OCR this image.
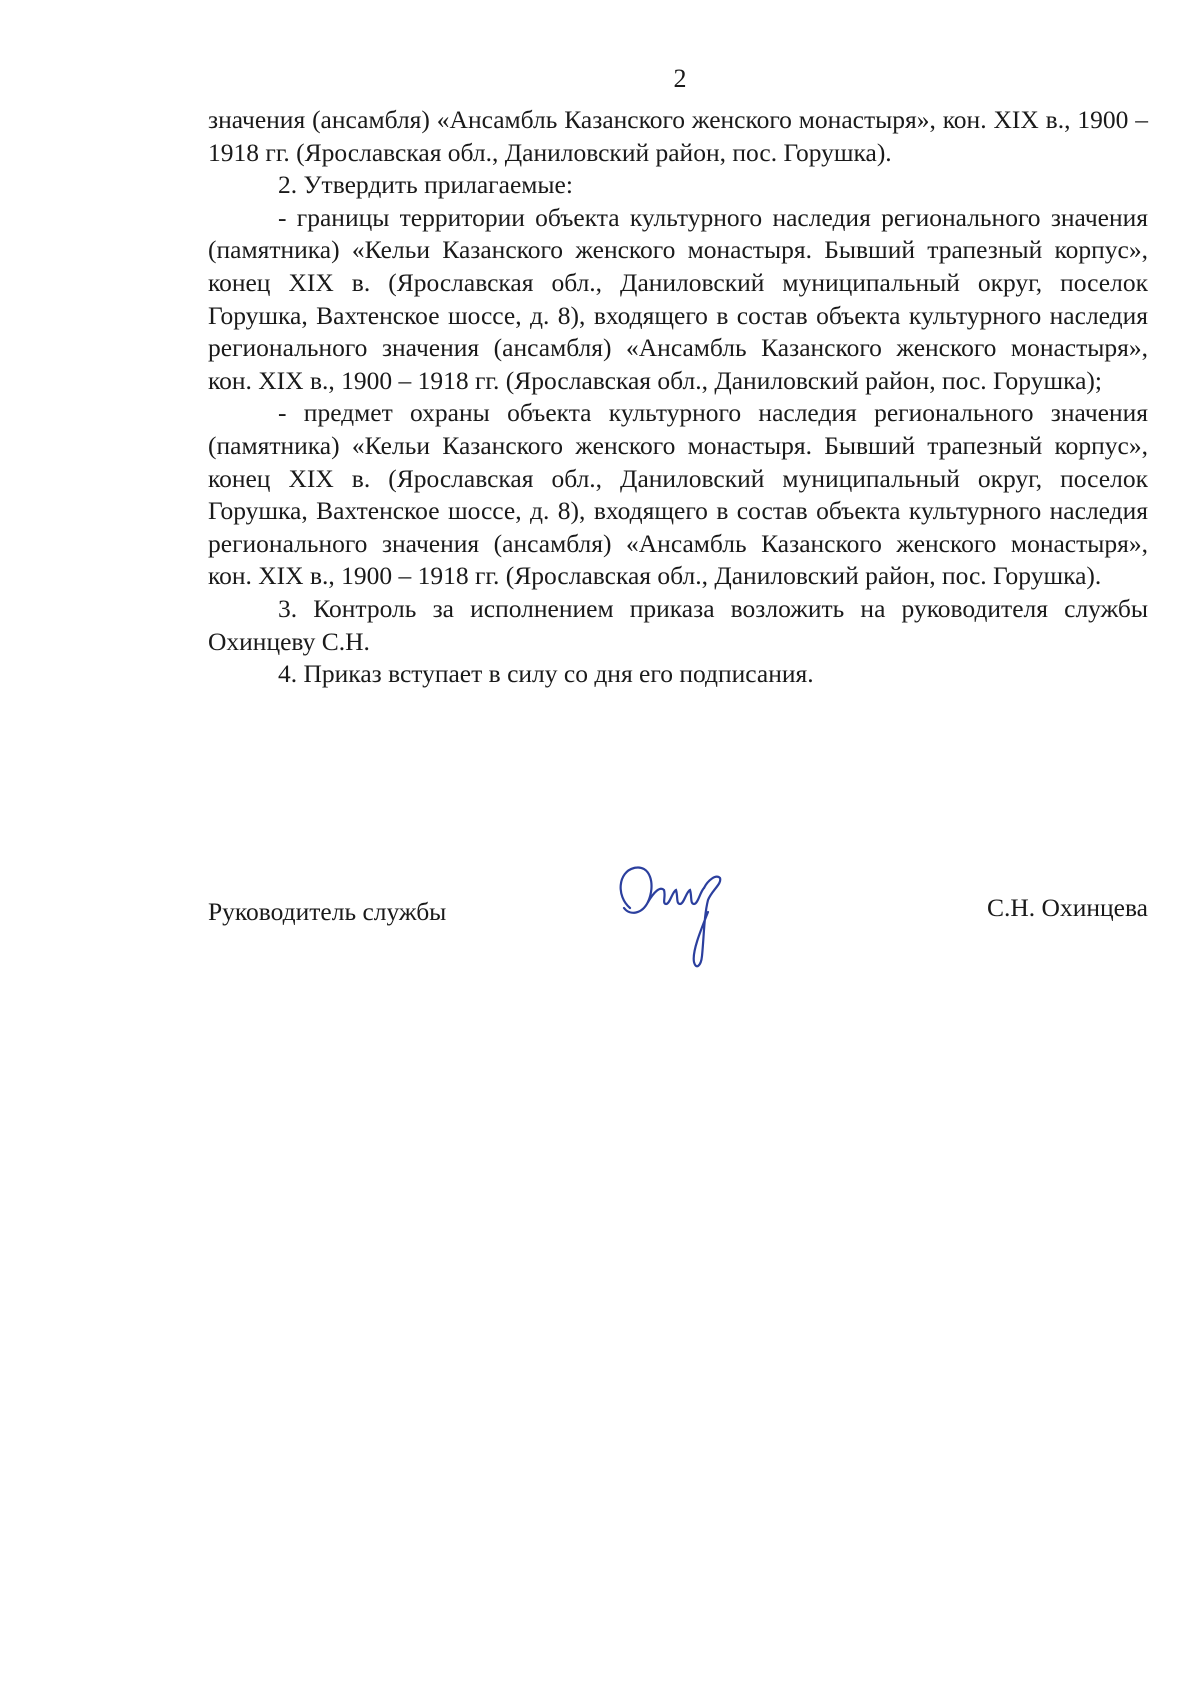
2

значения (ансамбля) «Ансамбль Казанского женского монастыря», кон. XIX в., 1900 – 1918 гг. (Ярославская обл., Даниловский район, пос. Горушка).

2. Утвердить прилагаемые:

- границы территории объекта культурного наследия регионального значения (памятника) «Кельи Казанского женского монастыря. Бывший трапезный корпус», конец XIX в. (Ярославская обл., Даниловский муниципальный округ, поселок Горушка, Вахтенское шоссе, д. 8), входящего в состав объекта культурного наследия регионального значения (ансамбля) «Ансамбль Казанского женского монастыря», кон. XIX в., 1900 – 1918 гг. (Ярославская обл., Даниловский район, пос. Горушка);

- предмет охраны объекта культурного наследия регионального значения (памятника) «Кельи Казанского женского монастыря. Бывший трапезный корпус», конец XIX в. (Ярославская обл., Даниловский муниципальный округ, поселок Горушка, Вахтенское шоссе, д. 8), входящего в состав объекта культурного наследия регионального значения (ансамбля) «Ансамбль Казанского женского монастыря», кон. XIX в., 1900 – 1918 гг. (Ярославская обл., Даниловский район, пос. Горушка).

3. Контроль за исполнением приказа возложить на руководителя службы Охинцеву С.Н.

4. Приказ вступает в силу со дня его подписания.

Руководитель службы	С.Н. Охинцева
